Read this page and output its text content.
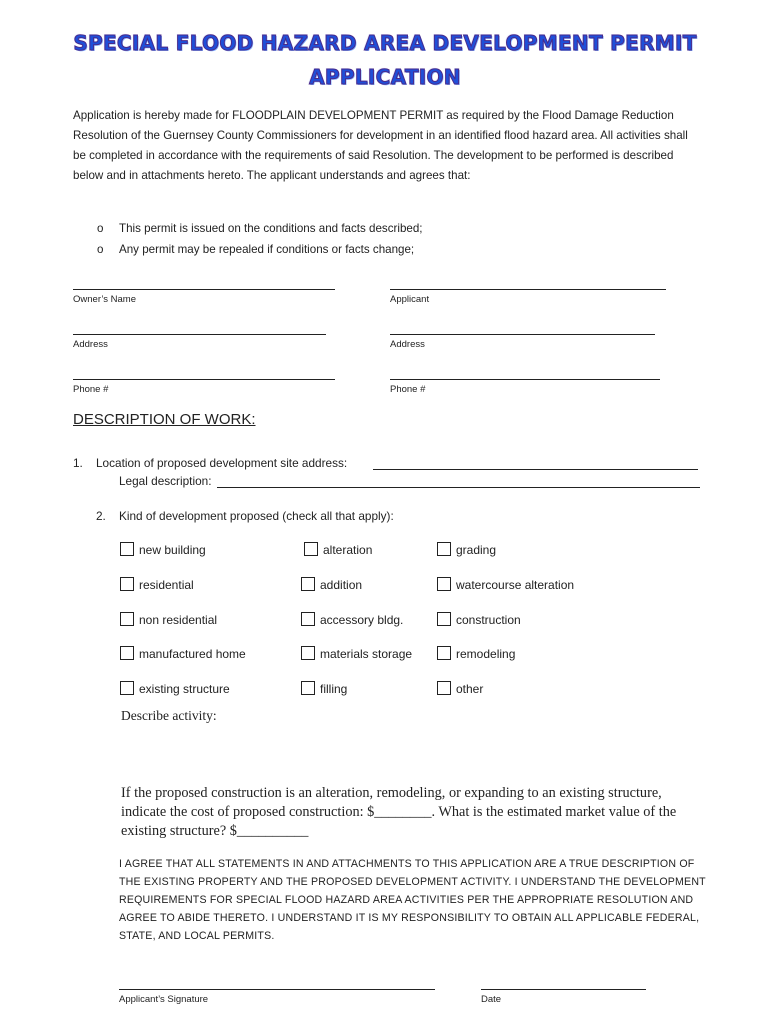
SPECIAL FLOOD HAZARD AREA DEVELOPMENT PERMIT
APPLICATION

Application is hereby made for FLOODPLAIN DEVELOPMENT PERMIT as required by the Flood Damage Reduction Resolution of the Guernsey County Commissioners for development in an identified flood hazard area. All activities shall be completed in accordance with the requirements of said Resolution. The development to be performed is described below and in attachments hereto. The applicant understands and agrees that:

o This permit is issued on the conditions and facts described;
o Any permit may be repealed if conditions or facts change;
Owner’s Name	Applicant
Address	Address
Phone #	Phone #
DESCRIPTION OF WORK:
1. Location of proposed development site address:
Legal description:
2. Kind of development proposed (check all that apply):
new building	alteration	grading
residential	addition	watercourse alteration
non residential	accessory bldg.	construction
manufactured home	materials storage	remodeling
existing structure	filling	other
Describe activity:
If the proposed construction is an alteration, remodeling, or expanding to an existing structure,
indicate the cost of proposed construction: $________. What is the estimated market value of the
existing structure? $__________

I AGREE THAT ALL STATEMENTS IN AND ATTACHMENTS TO THIS APPLICATION ARE A TRUE DESCRIPTION OF THE EXISTING PROPERTY AND THE PROPOSED DEVELOPMENT ACTIVITY. I UNDERSTAND THE DEVELOPMENT REQUIREMENTS FOR SPECIAL FLOOD HAZARD AREA ACTIVITIES PER THE APPROPRIATE RESOLUTION AND AGREE TO ABIDE THERETO. I UNDERSTAND IT IS MY RESPONSIBILITY TO OBTAIN ALL APPLICABLE FEDERAL, STATE, AND LOCAL PERMITS.

Applicant’s Signature	Date
